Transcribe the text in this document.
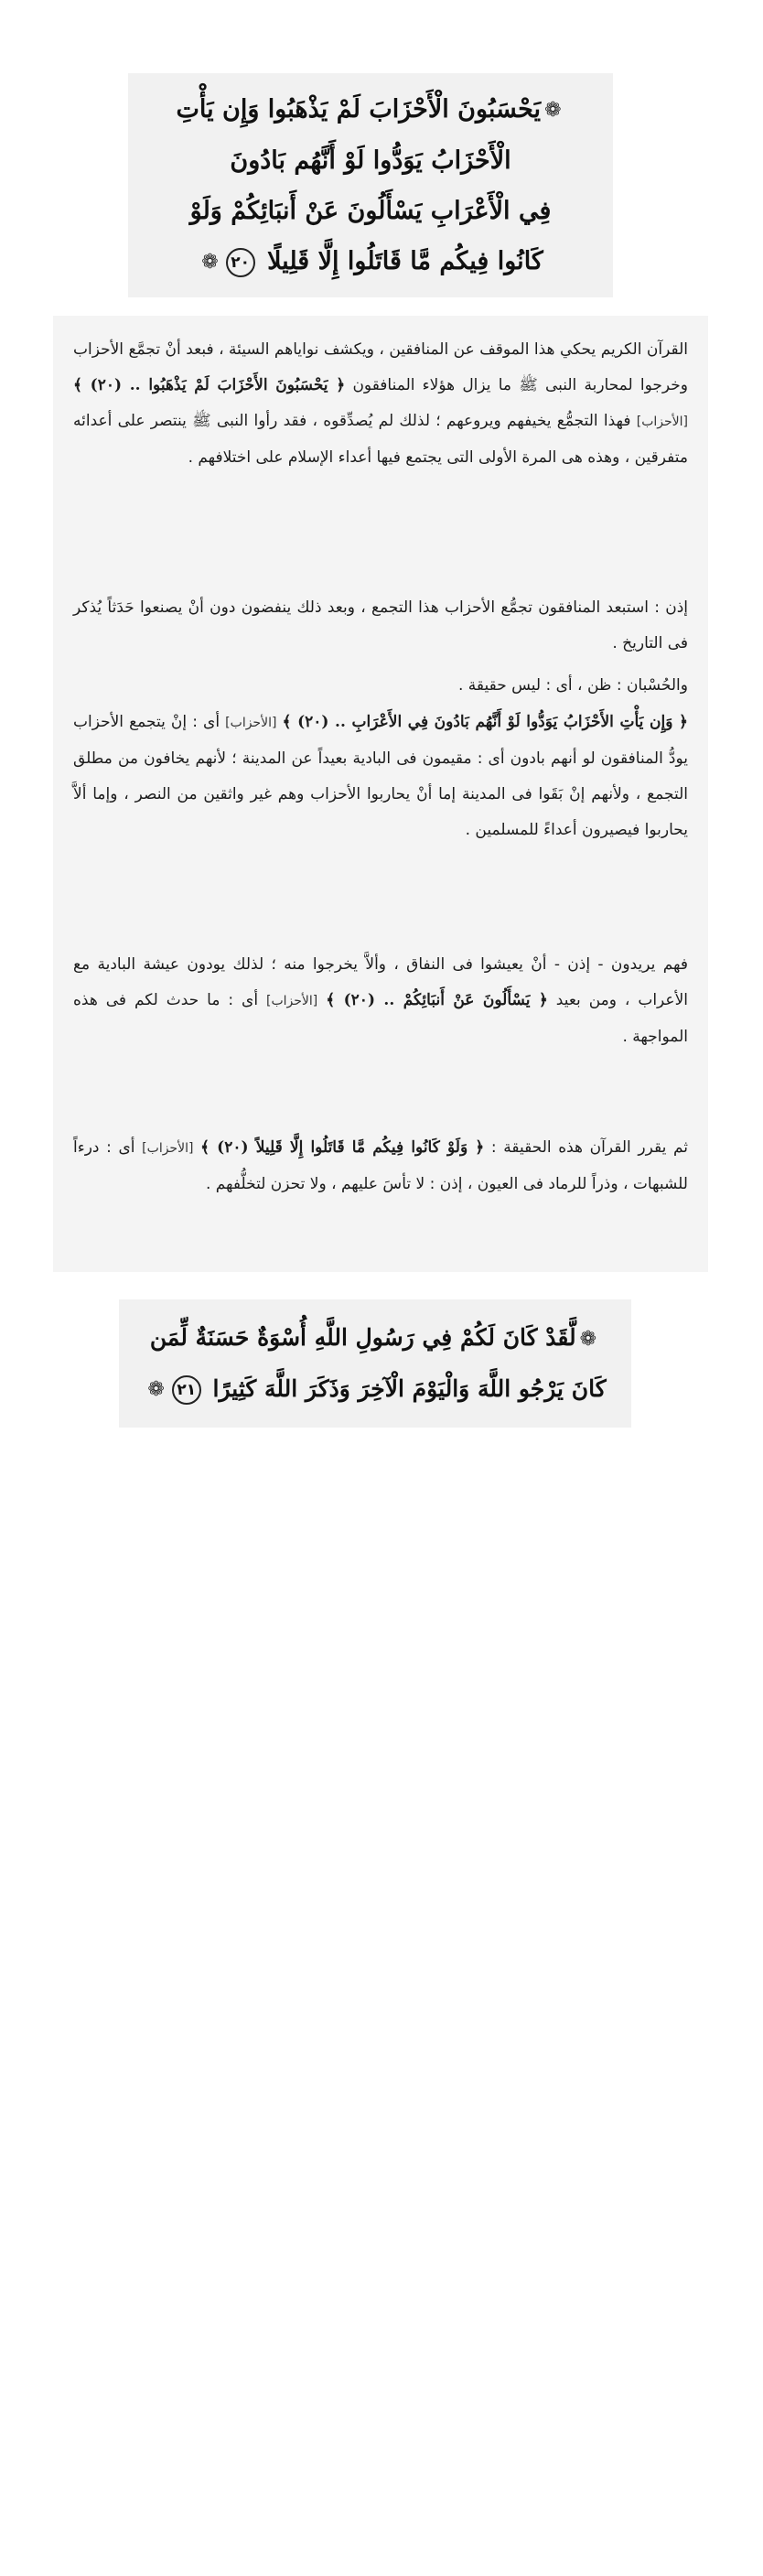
❁يَحْسَبُونَ الْأَحْزَابَ لَمْ يَذْهَبُوا وَإِن يَأْتِ
الْأَحْزَابُ يَوَدُّوا لَوْ أَنَّهُم بَادُونَ
فِي الْأَعْرَابِ يَسْأَلُونَ عَنْ أَنبَائِكُمْ وَلَوْ
كَانُوا فِيكُم مَّا قَاتَلُوا إِلَّا قَلِيلًا ٢٠❁
القرآن الكريم يحكي هذا الموقف عن المنافقين ، ويكشف نواياهم السيئة ، فبعد أنْ تجمَّع الأحزاب وخرجوا لمحاربة النبى ﷺ ما يزال هؤلاء المنافقون ﴿ يَحْسَبُونَ الأَحْزَابَ لَمْ يَذْهَبُوا .. (٢٠) ﴾ [الأحزاب] فهذا التجمُّع يخيفهم ويروعهم ؛ لذلك لم يُصدِّقوه ، فقد رأوا النبى ﷺ ينتصر على أعدائه متفرقين ، وهذه هى المرة الأولى التى يجتمع فيها أعداء الإسلام على اختلافهم .
إذن : استبعد المنافقون تجمُّع الأحزاب هذا التجمع ، وبعد ذلك ينفضون دون أنْ يصنعوا حَدَثاً يُذكر فى التاريخ .
والحُسْبان : ظن ، أى : ليس حقيقة .
﴿ وَإِن يَأْتِ الأَحْزَابُ يَوَدُّوا لَوْ أَنَّهُم بَادُونَ فِي الأَعْرَابِ .. (٢٠) ﴾ [الأحزاب] أى : إنْ يتجمع الأحزاب يودُّ المنافقون لو أنهم بادون أى : مقيمون فى البادية بعيداً عن المدينة ؛ لأنهم يخافون من مطلق التجمع ، ولأنهم إنْ بَقَوا فى المدينة إما أنْ يحاربوا الأحزاب وهم غير واثقين من النصر ، وإما ألاَّ يحاربوا فيصيرون أعداءً للمسلمين .
فهم يريدون - إذن - أنْ يعيشوا فى النفاق ، وألاَّ يخرجوا منه ؛ لذلك يودون عيشة البادية مع الأعراب ، ومن بعيد ﴿ يَسْأَلُونَ عَنْ أَنبَائِكُمْ .. (٢٠) ﴾ [الأحزاب] أى : ما حدث لكم فى هذه المواجهة .
ثم يقرر القرآن هذه الحقيقة : ﴿ وَلَوْ كَانُوا فِيكُم مَّا قَاتَلُوا إِلَّا قَلِيلاً (٢٠) ﴾ [الأحزاب] أى : درءاً للشبهات ، وذراً للرماد فى العيون ، إذن : لا تأسَ عليهم ، ولا تحزن لتخلُّفهم .
❁لَّقَدْ كَانَ لَكُمْ فِي رَسُولِ اللَّهِ أُسْوَةٌ حَسَنَةٌ لِّمَن
كَانَ يَرْجُو اللَّهَ وَالْيَوْمَ الْآخِرَ وَذَكَرَ اللَّهَ كَثِيرًا ٢١❁
